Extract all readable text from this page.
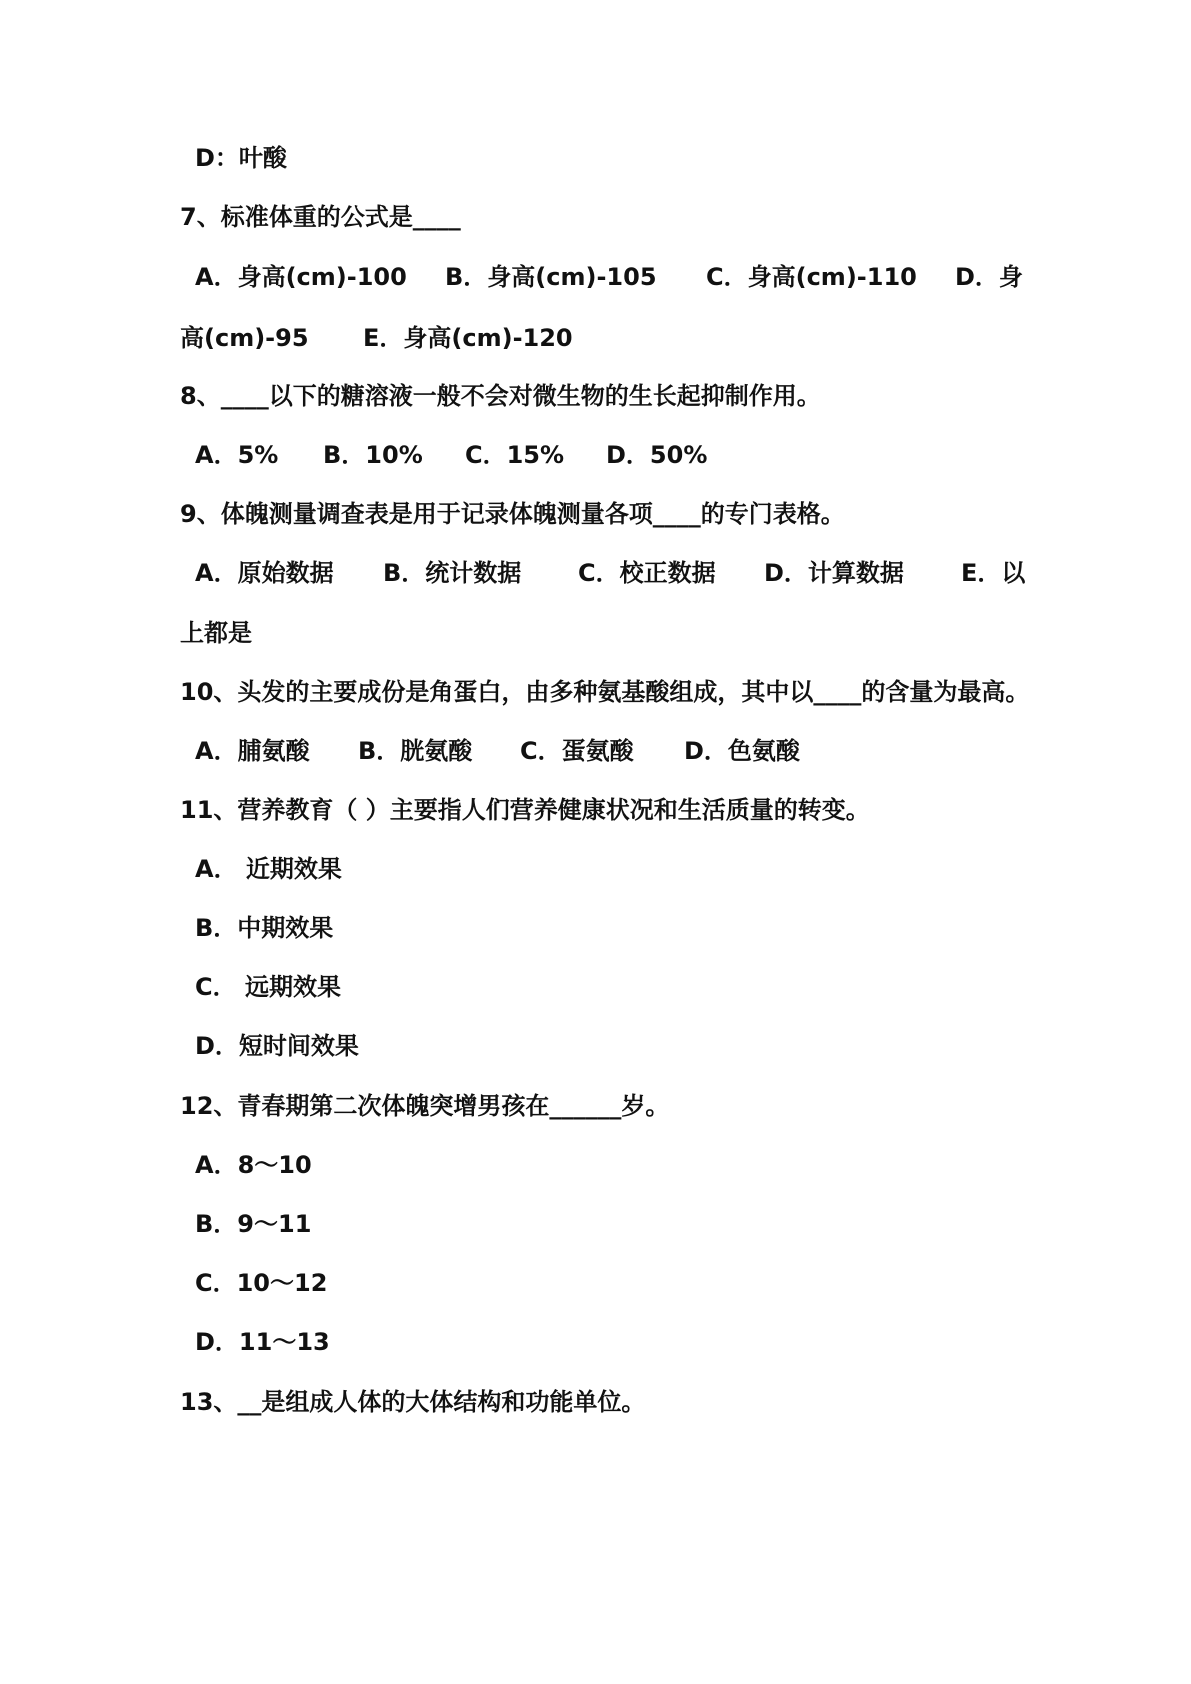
D：叶酸
7、标准体重的公式是____
A．身高(cm)-100 B．身高(cm)-105 C．身高(cm)-110 D．身
高(cm)-95 E．身高(cm)-120
8、____以下的糖溶液一般不会对微生物的生长起抑制作用。
A．5% B．10% C．15% D．50%
9、体魄测量调查表是用于记录体魄测量各项____的专门表格。
A．原始数据 B．统计数据 C．校正数据 D．计算数据 E．以
上都是
10、头发的主要成份是角蛋白，由多种氨基酸组成，其中以____的含量为最高。
A．脯氨酸 B．胱氨酸 C．蛋氨酸 D．色氨酸
11、营养教育（ ）主要指人们营养健康状况和生活质量的转变。
A． 近期效果
B．中期效果
C． 远期效果
D．短时间效果
12、青春期第二次体魄突增男孩在______岁。
A．8～10
B．9～11
C．10～12
D．11～13
13、__是组成人体的大体结构和功能单位。
